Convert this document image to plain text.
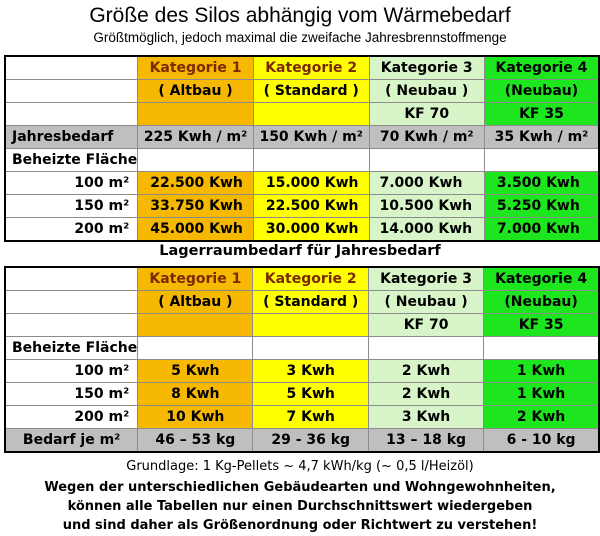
Größe des Silos abhängig vom Wärmebedarf
Größtmöglich, jedoch maximal die zweifache Jahresbrennstoffmenge
	Kategorie 1	Kategorie 2	Kategorie 3	Kategorie 4
	( Altbau )	( Standard )	( Neubau )	(Neubau)
			KF 70	KF 35
Jahresbedarf	225 Kwh / m²	150 Kwh / m²	70 Kwh / m²	35 Kwh / m²
Beheizte Fläche				
100 m²	22.500 Kwh	15.000 Kwh	7.000 Kwh	3.500 Kwh
150 m²	33.750 Kwh	22.500 Kwh	10.500 Kwh	5.250 Kwh
200 m²	45.000 Kwh	30.000 Kwh	14.000 Kwh	7.000 Kwh
Lagerraumbedarf für Jahresbedarf
	Kategorie 1	Kategorie 2	Kategorie 3	Kategorie 4
	( Altbau )	( Standard )	( Neubau )	(Neubau)
			KF 70	KF 35
Beheizte Fläche				
100 m²	5 Kwh	3 Kwh	2 Kwh	1 Kwh
150 m²	8 Kwh	5 Kwh	2 Kwh	1 Kwh
200 m²	10 Kwh	7 Kwh	3 Kwh	2 Kwh
Bedarf je m²	46 – 53 kg	29 - 36 kg	13 – 18 kg	6 - 10 kg
Grundlage: 1 Kg-Pellets ~ 4,7 kWh/kg (~ 0,5 l/Heizöl)
Wegen der unterschiedlichen Gebäudearten und Wohngewohnheiten,
können alle Tabellen nur einen Durchschnittswert wiedergeben
und sind daher als Größenordnung oder Richtwert zu verstehen!
